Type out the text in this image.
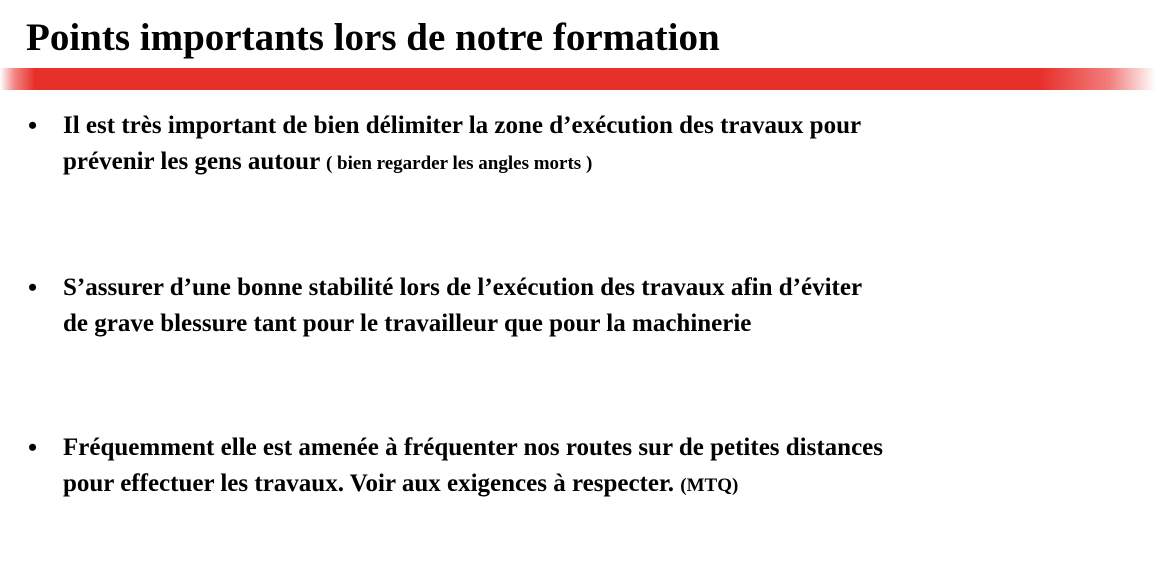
Points importants lors de notre formation
• Il est très important de bien délimiter la zone d’exécution des travaux pour
prévenir les gens autour ( bien regarder les angles morts )

• S’assurer d’une bonne stabilité lors de l’exécution des travaux afin d’éviter
de grave blessure tant pour le travailleur que pour la machinerie

• Fréquemment elle est amenée à fréquenter nos routes sur de petites distances
pour effectuer les travaux. Voir aux exigences à respecter. (MTQ)
